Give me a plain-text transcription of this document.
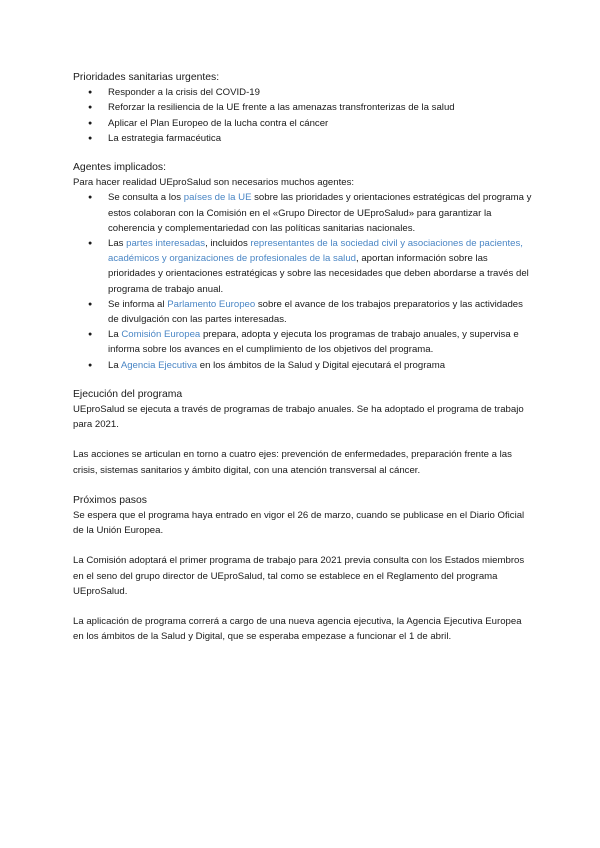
Prioridades sanitarias urgentes:

● Responder a la crisis del COVID-19
● Reforzar la resiliencia de la UE frente a las amenazas transfronterizas de la salud
● Aplicar el Plan Europeo de la lucha contra el cáncer
● La estrategia farmacéutica

Agentes implicados:

Para hacer realidad UEproSalud son necesarios muchos agentes:

● Se consulta a los países de la UE sobre las prioridades y orientaciones estratégicas del programa y estos colaboran con la Comisión en el «Grupo Director de UEproSalud» para garantizar la coherencia y complementariedad con las políticas sanitarias nacionales.
● Las partes interesadas, incluidos representantes de la sociedad civil y asociaciones de pacientes, académicos y organizaciones de profesionales de la salud, aportan información sobre las prioridades y orientaciones estratégicas y sobre las necesidades que deben abordarse a través del programa de trabajo anual.
● Se informa al Parlamento Europeo sobre el avance de los trabajos preparatorios y las actividades de divulgación con las partes interesadas.
● La Comisión Europea prepara, adopta y ejecuta los programas de trabajo anuales, y supervisa e informa sobre los avances en el cumplimiento de los objetivos del programa.
● La Agencia Ejecutiva en los ámbitos de la Salud y Digital ejecutará el programa

Ejecución del programa

UEproSalud se ejecuta a través de programas de trabajo anuales. Se ha adoptado el programa de trabajo para 2021.

Las acciones se articulan en torno a cuatro ejes: prevención de enfermedades, preparación frente a las crisis, sistemas sanitarios y ámbito digital, con una atención transversal al cáncer.

Próximos pasos

Se espera que el programa haya entrado en vigor el 26 de marzo, cuando se publicase en el Diario Oficial de la Unión Europea.

La Comisión adoptará el primer programa de trabajo para 2021 previa consulta con los Estados miembros en el seno del grupo director de UEproSalud, tal como se establece en el Reglamento del programa UEproSalud.

La aplicación de programa correrá a cargo de una nueva agencia ejecutiva, la Agencia Ejecutiva Europea en los ámbitos de la Salud y Digital, que se esperaba empezase a funcionar el 1 de abril.
